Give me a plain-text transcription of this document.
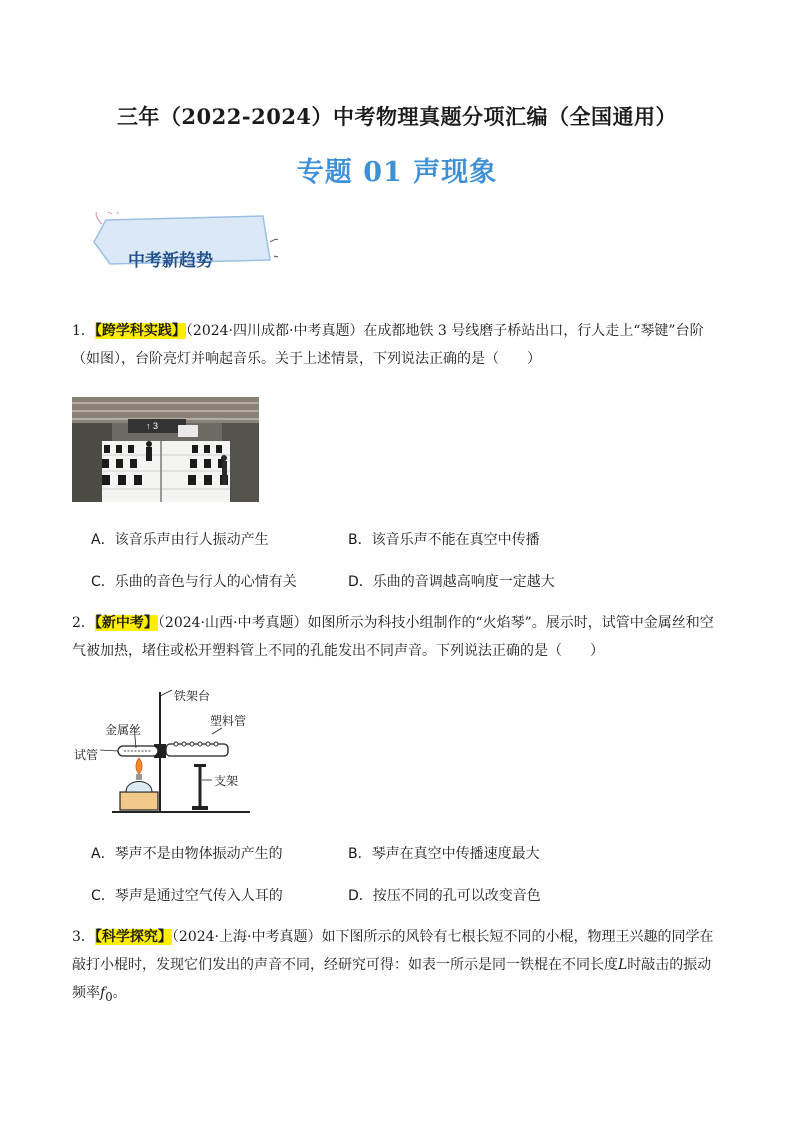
三年（2022-2024）中考物理真题分项汇编（全国通用）
专题 01 声现象
中考新趋势
1．【跨学科实践】（2024·四川成都·中考真题）在成都地铁 3 号线磨子桥站出口，行人走上“琴键”台阶（如图），台阶亮灯并响起音乐。关于上述情景，下列说法正确的是（　　）
↑ 3
A．该音乐声由行人振动产生	B．该音乐声不能在真空中传播
C．乐曲的音色与行人的心情有关	D．乐曲的音调越高响度一定越大
2．【新中考】（2024·山西·中考真题）如图所示为科技小组制作的“火焰琴”。展示时，试管中金属丝和空气被加热，堵住或松开塑料管上不同的孔能发出不同声音。下列说法正确的是（　　）
铁架台
塑料管
金属丝
试管
支架
A．琴声不是由物体振动产生的	B．琴声在真空中传播速度最大
C．琴声是通过空气传入人耳的	D．按压不同的孔可以改变音色
3．【科学探究】（2024·上海·中考真题）如下图所示的风铃有七根长短不同的小棍，物理王兴趣的同学在敲打小棍时，发现它们发出的声音不同，经研究可得：如表一所示是同一铁棍在不同长度L时敲击的振动频率$f_0$。
